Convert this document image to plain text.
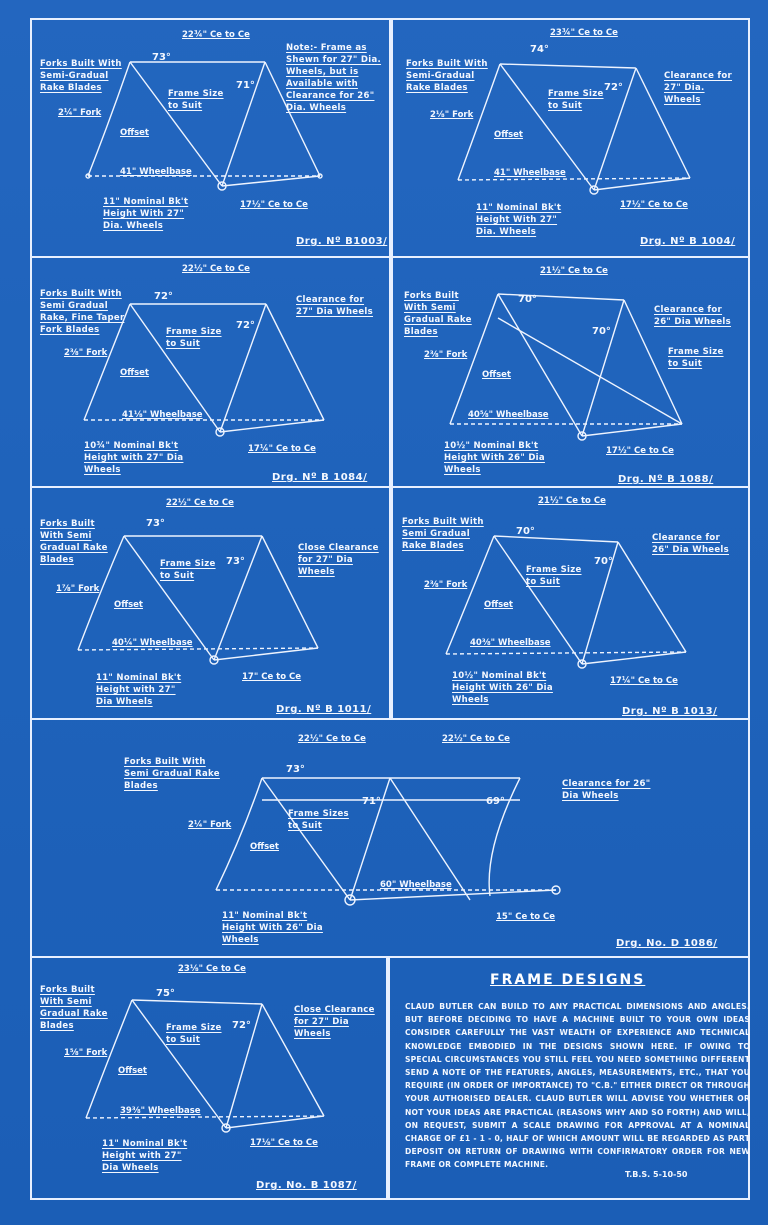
22¾" Ce to Ce
73°
71°
Forks Built With Semi-Gradual Rake Blades
Frame Size to Suit
Note:- Frame as Shewn for 27" Dia. Wheels, but is Available with Clearance for 26" Dia. Wheels
2¼" Fork
Offset
41" Wheelbase
11" Nominal Bk't Height With 27" Dia. Wheels
17½" Ce to Ce
Drg. Nº B1003/
23¾" Ce to Ce
74°
72°
Forks Built With Semi-Gradual Rake Blades
Frame Size to Suit
Clearance for 27" Dia. Wheels
2⅛" Fork
Offset
41" Wheelbase
11" Nominal Bk't Height With 27" Dia. Wheels
17½" Ce to Ce
Drg. Nº B 1004/
22½" Ce to Ce
72°
72°
Forks Built With Semi Gradual Rake, Fine Taper Fork Blades	Frame Size to Suit
Clearance for 27" Dia Wheels
2⅜" Fork
Offset
41⅛" Wheelbase
10¾" Nominal Bk't Height with 27" Dia Wheels
17¼" Ce to Ce
Drg. Nº B 1084/
21½" Ce to Ce
70°
70°
Forks Built With Semi Gradual Rake Blades
Clearance for 26" Dia Wheels
Frame Size to Suit
2⅜" Fork
Offset
40⅝" Wheelbase
10½" Nominal Bk't Height With 26" Dia Wheels
17½" Ce to Ce
Drg. Nº B 1088/
22½" Ce to Ce
73°
73°
Forks Built With Semi Gradual Rake Blades	Frame Size to Suit
Close Clearance for 27" Dia Wheels
1⅞" Fork
Offset
40¼" Wheelbase
11" Nominal Bk't Height with 27" Dia Wheels
17" Ce to Ce
Drg. Nº B 1011/
21½" Ce to Ce
70°
70°
Forks Built With Semi Gradual Rake Blades
Frame Size to Suit
Clearance for 26" Dia Wheels
2⅜" Fork
Offset
40⅜" Wheelbase
10½" Nominal Bk't Height With 26" Dia Wheels
17¼" Ce to Ce
Drg. Nº B 1013/
22½" Ce to Ce	22½" Ce to Ce
73°
71°	69°
Forks Built With Semi Gradual Rake Blades
Frame Sizes to Suit
Clearance for 26" Dia Wheels
2¼" Fork
Offset
60" Wheelbase
11" Nominal Bk't Height With 26" Dia Wheels
15" Ce to Ce
Drg. No. D 1086/
23⅛" Ce to Ce
75°
72°
Forks Built With Semi Gradual Rake Blades	Frame Size to Suit
Close Clearance for 27" Dia Wheels
1⅝" Fork
Offset
39⅜" Wheelbase
11" Nominal Bk't Height with 27" Dia Wheels
17⅛" Ce to Ce
Drg. No. B 1087/
FRAME DESIGNS
CLAUD BUTLER CAN BUILD TO ANY PRACTICAL DIMENSIONS AND ANGLES. BUT BEFORE DECIDING TO HAVE A MACHINE BUILT TO YOUR OWN IDEAS CONSIDER CAREFULLY THE VAST WEALTH OF EXPERIENCE AND TECHNICAL KNOWLEDGE EMBODIED IN THE DESIGNS SHOWN HERE. IF OWING TO SPECIAL CIRCUMSTANCES YOU STILL FEEL YOU NEED SOMETHING DIFFERENT SEND A NOTE OF THE FEATURES, ANGLES, MEASUREMENTS, ETC., THAT YOU REQUIRE (IN ORDER OF IMPORTANCE) TO "C.B." EITHER DIRECT OR THROUGH YOUR AUTHORISED DEALER. CLAUD BUTLER WILL ADVISE YOU WHETHER OR NOT YOUR IDEAS ARE PRACTICAL (REASONS WHY AND SO FORTH) AND WILL, ON REQUEST, SUBMIT A SCALE DRAWING FOR APPROVAL AT A NOMINAL CHARGE OF £1 - 1 - 0, HALF OF WHICH AMOUNT WILL BE REGARDED AS PART DEPOSIT ON RETURN OF DRAWING WITH CONFIRMATORY ORDER FOR NEW FRAME OR COMPLETE MACHINE.
T.B.S. 5-10-50
